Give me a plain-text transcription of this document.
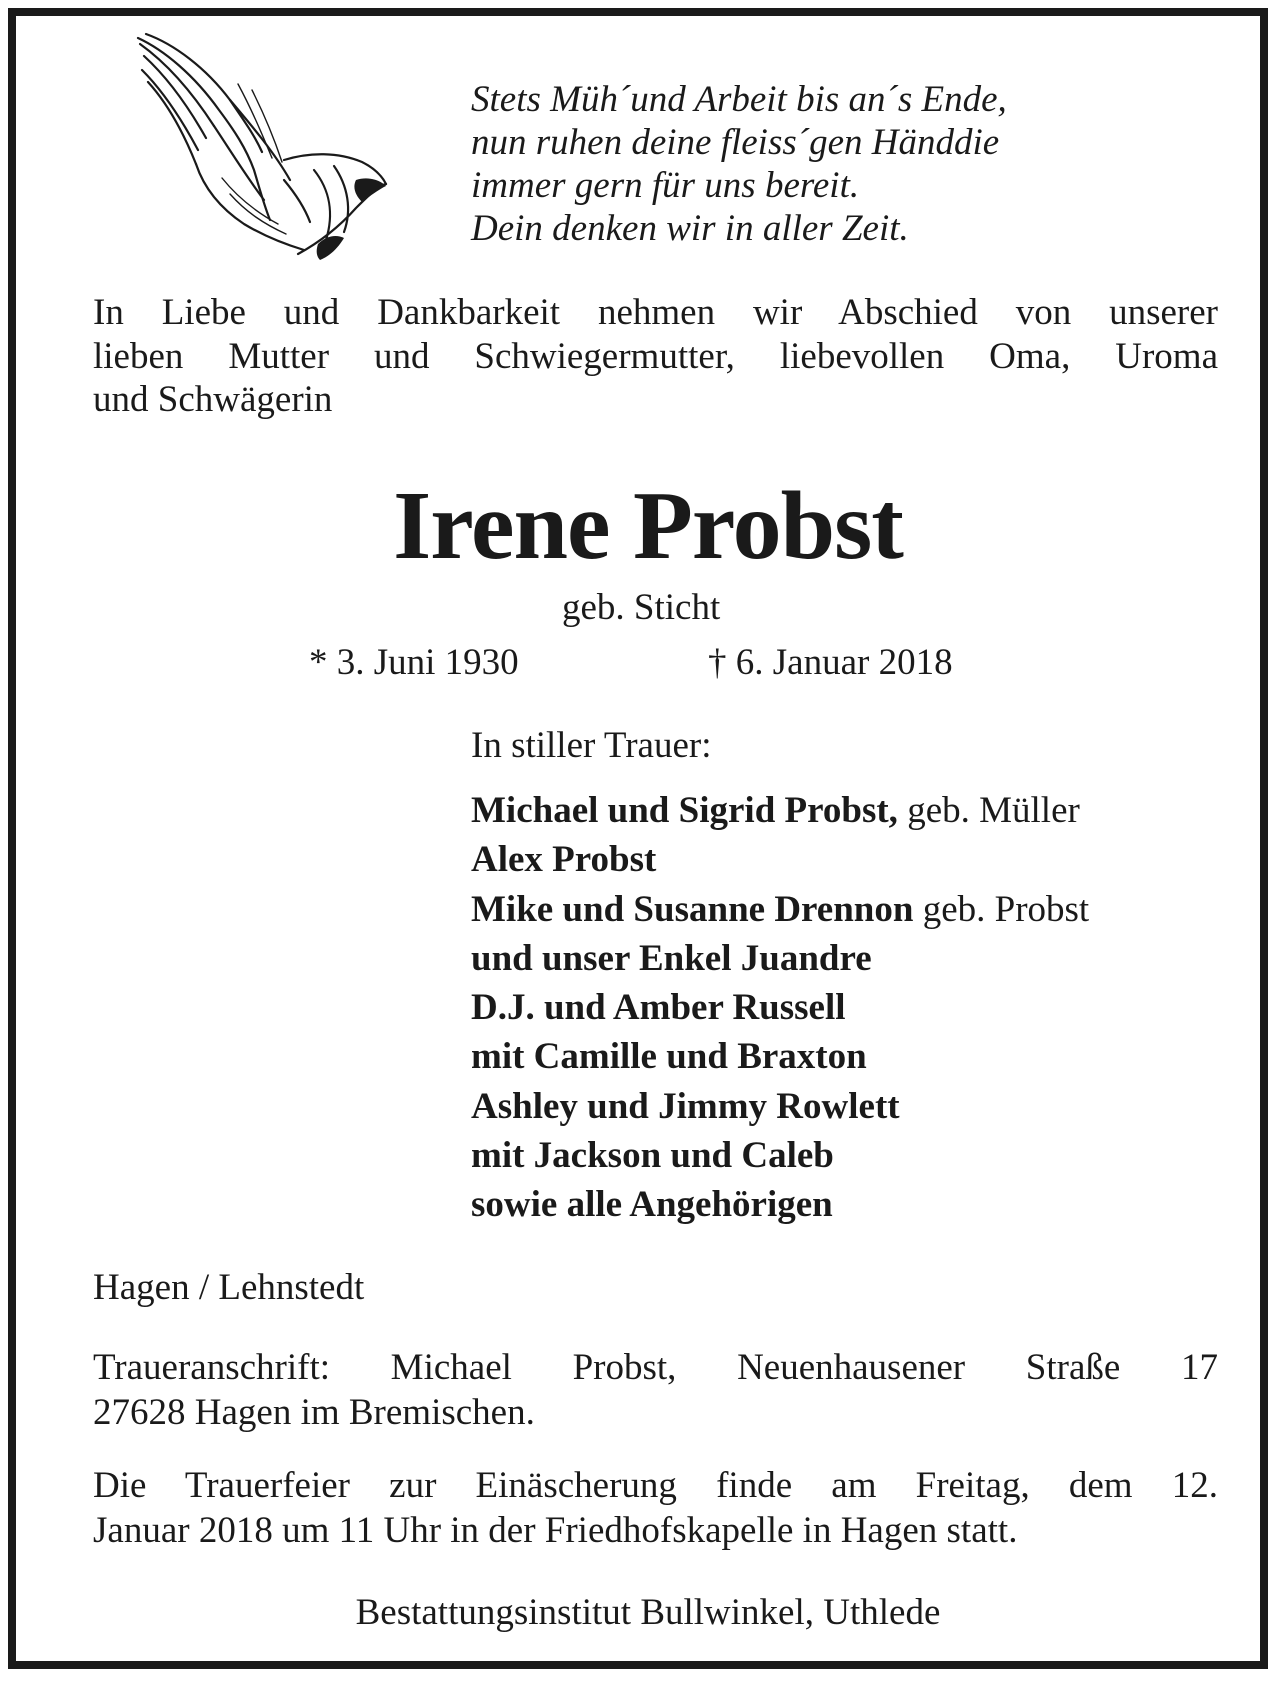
Stets Müh´und Arbeit bis an´s Ende,
nun ruhen deine fleiss´gen Händdie
immer gern für uns bereit.
Dein denken wir in aller Zeit.
In Liebe und Dankbarkeit nehmen wir Abschied von unserer
lieben Mutter und Schwiegermutter, liebevollen Oma, Uroma
und Schwägerin
Irene Probst
geb. Sticht
* 3. Juni 1930	† 6. Januar 2018
In stiller Trauer:
Michael und Sigrid Probst, geb. Müller
Alex Probst
Mike und Susanne Drennon geb. Probst
und unser Enkel Juandre
D.J. und Amber Russell
mit Camille und Braxton
Ashley und Jimmy Rowlett
mit Jackson und Caleb
sowie alle Angehörigen
Hagen / Lehnstedt
Traueranschrift: Michael Probst, Neuenhausener Straße 17
27628 Hagen im Bremischen.
Die Trauerfeier zur Einäscherung finde am Freitag, dem 12.
Januar 2018 um 11 Uhr in der Friedhofskapelle in Hagen statt.
Bestattungsinstitut Bullwinkel, Uthlede
